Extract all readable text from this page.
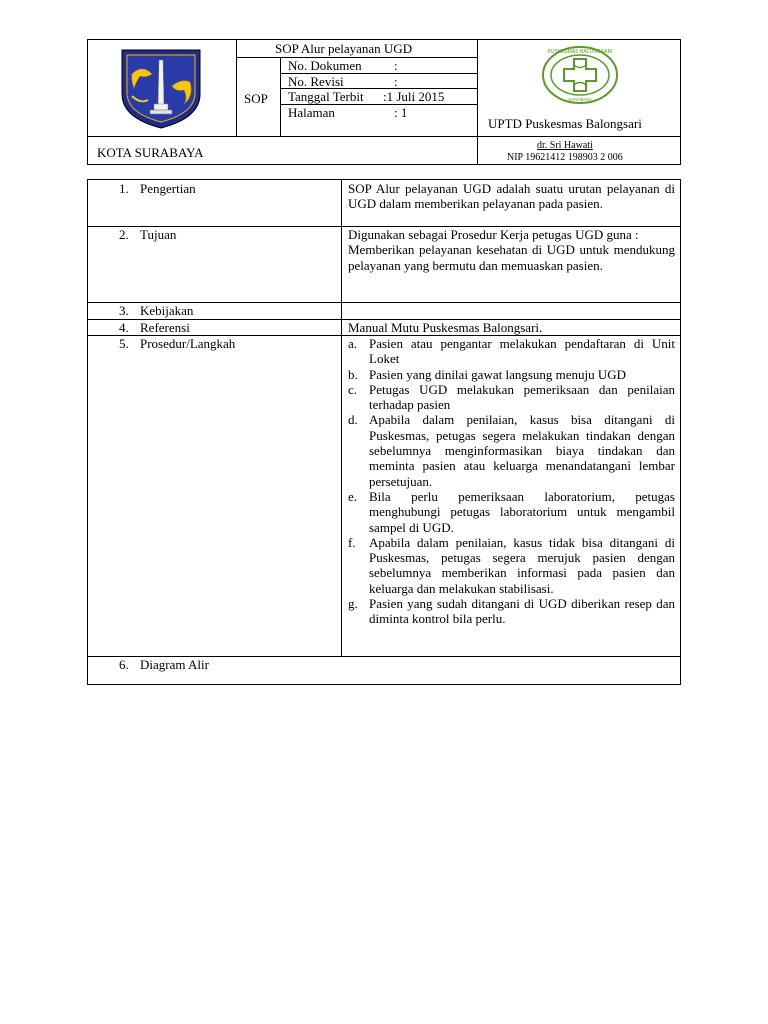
SOP Alur pelayanan UGD
SOP
No. Dokumen :
No. Revisi	:
Tanggal Terbit :1 Juli 2015
Halaman	: 1
PUSKESMAS BALONGSARI
SURABAYA
UPTD Puskesmas Balongsari
KOTA SURABAYA	dr. Sri Hawati
NIP 19621412 198903 2 006
1. Pengertian	SOP Alur pelayanan UGD adalah suatu urutan pelayanan di UGD dalam memberikan pelayanan pada pasien.
2. Tujuan	Digunakan sebagai Prosedur Kerja petugas UGD guna :
Memberikan pelayanan kesehatan di UGD untuk mendukung pelayanan yang bermutu dan memuaskan pasien.
3. Kebijakan
4. Referensi	Manual Mutu Puskesmas Balongsari.
5. Prosedur/Langkah	a. Pasien atau pengantar melakukan pendaftaran di Unit Loket
b. Pasien yang dinilai gawat langsung menuju UGD
c. Petugas UGD melakukan pemeriksaan dan penilaian terhadap pasien
d. Apabila dalam penilaian, kasus bisa ditangani di Puskesmas, petugas segera melakukan tindakan dengan sebelumnya menginformasikan biaya tindakan dan meminta pasien atau keluarga menandatangani lembar persetujuan.
e. Bila perlu pemeriksaan laboratorium, petugas menghubungi petugas laboratorium untuk mengambil sampel di UGD.
f. Apabila dalam penilaian, kasus tidak bisa ditangani di Puskesmas, petugas segera merujuk pasien dengan sebelumnya memberikan informasi pada pasien dan keluarga dan melakukan stabilisasi.
g. Pasien yang sudah ditangani di UGD diberikan resep dan diminta kontrol bila perlu.
6. Diagram Alir
